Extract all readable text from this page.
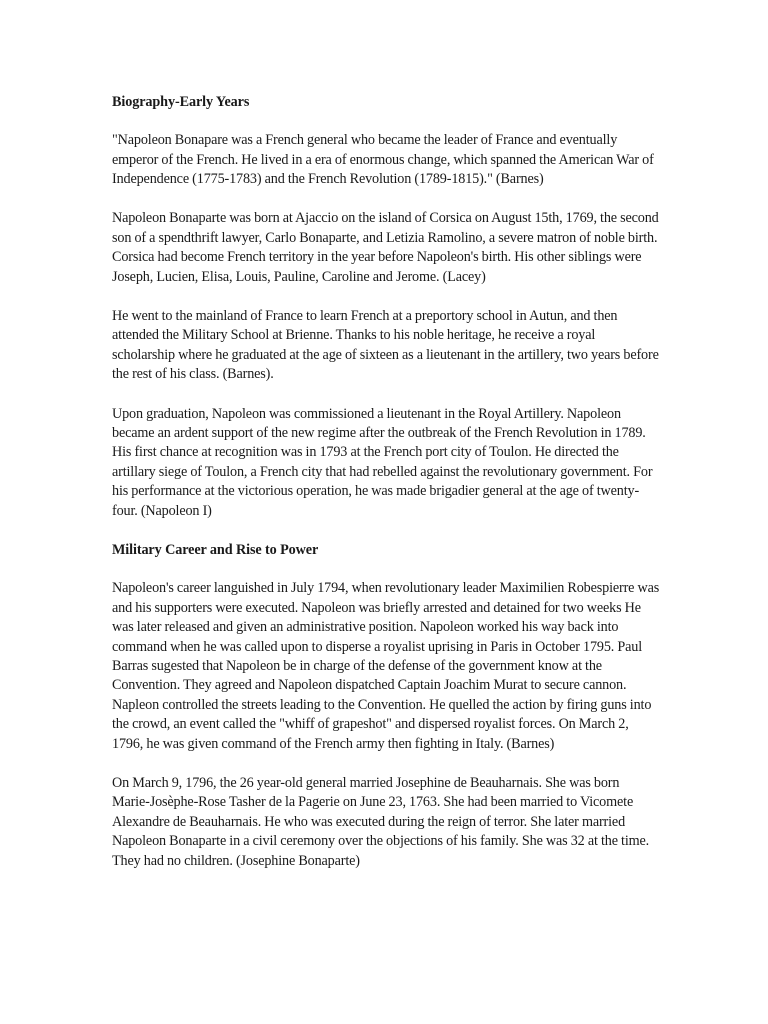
Biography-Early Years

"Napoleon Bonapare was a French general who became the leader of France and eventually emperor of the French. He lived in a era of enormous change, which spanned the American War of Independence (1775-1783) and the French Revolution (1789-1815)." (Barnes)

Napoleon Bonaparte was born at Ajaccio on the island of Corsica on August 15th, 1769, the second son of a spendthrift lawyer, Carlo Bonaparte, and Letizia Ramolino, a severe matron of noble birth. Corsica had become French territory in the year before Napoleon's birth. His other siblings were Joseph, Lucien, Elisa, Louis, Pauline, Caroline and Jerome. (Lacey)

He went to the mainland of France to learn French at a preportory school in Autun, and then attended the Military School at Brienne. Thanks to his noble heritage, he receive a royal scholarship where he graduated at the age of sixteen as a lieutenant in the artillery, two years before the rest of his class. (Barnes).

Upon graduation, Napoleon was commissioned a lieutenant in the Royal Artillery. Napoleon became an ardent support of the new regime after the outbreak of the French Revolution in 1789. His first chance at recognition was in 1793 at the French port city of Toulon. He directed the artillary siege of Toulon, a French city that had rebelled against the revolutionary government. For his performance at the victorious operation, he was made brigadier general at the age of twenty-four. (Napoleon I)

Military Career and Rise to Power

Napoleon's career languished in July 1794, when revolutionary leader Maximilien Robespierre was and his supporters were executed. Napoleon was briefly arrested and detained for two weeks He was later released and given an administrative position. Napoleon worked his way back into command when he was called upon to disperse a royalist uprising in Paris in October 1795. Paul Barras sugested that Napoleon be in charge of the defense of the government know at the Convention. They agreed and Napoleon dispatched Captain Joachim Murat to secure cannon. Napleon controlled the streets leading to the Convention. He quelled the action by firing guns into the crowd, an event called the "whiff of grapeshot" and dispersed royalist forces. On March 2, 1796, he was given command of the French army then fighting in Italy. (Barnes)

On March 9, 1796, the 26 year-old general married Josephine de Beauharnais. She was born Marie-Josèphe-Rose Tasher de la Pagerie on June 23, 1763. She had been married to Vicomete Alexandre de Beauharnais. He who was executed during the reign of terror. She later married Napoleon Bonaparte in a civil ceremony over the objections of his family. She was 32 at the time. They had no children. (Josephine Bonaparte)
